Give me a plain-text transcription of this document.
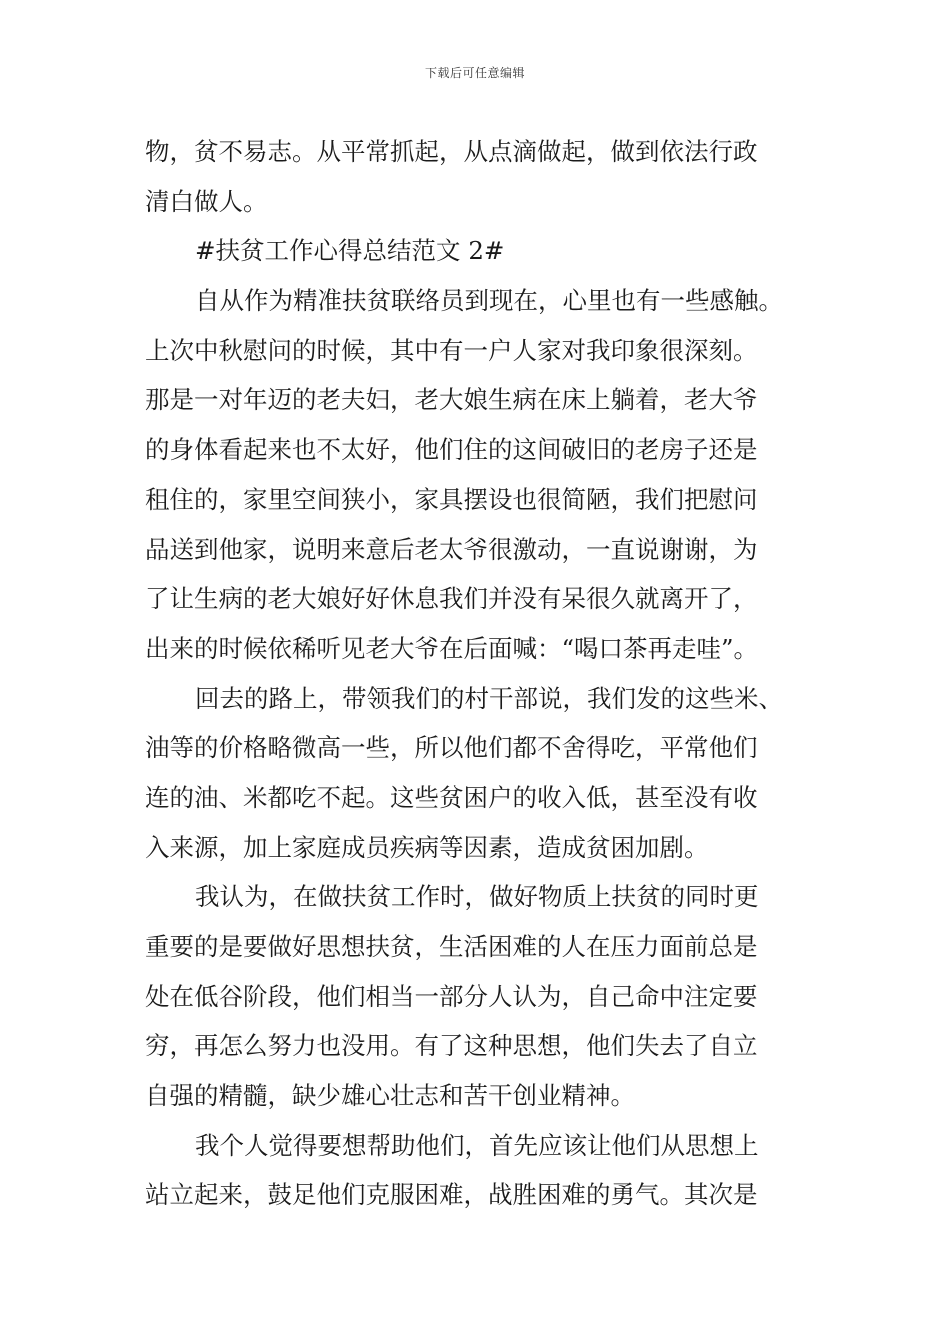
下载后可任意编辑
物，贫不易志。从平常抓起，从点滴做起，做到依法行政
清白做人。
#扶贫工作心得总结范文 2#
自从作为精准扶贫联络员到现在，心里也有一些感触。
上次中秋慰问的时候，其中有一户人家对我印象很深刻。
那是一对年迈的老夫妇，老大娘生病在床上躺着，老大爷
的身体看起来也不太好，他们住的这间破旧的老房子还是
租住的，家里空间狭小，家具摆设也很简陋，我们把慰问
品送到他家，说明来意后老太爷很激动，一直说谢谢，为
了让生病的老大娘好好休息我们并没有呆很久就离开了，
出来的时候依稀听见老大爷在后面喊：“喝口茶再走哇”。
回去的路上，带领我们的村干部说，我们发的这些米、
油等的价格略微高一些，所以他们都不舍得吃，平常他们
连的油、米都吃不起。这些贫困户的收入低，甚至没有收
入来源，加上家庭成员疾病等因素，造成贫困加剧。
我认为，在做扶贫工作时，做好物质上扶贫的同时更
重要的是要做好思想扶贫，生活困难的人在压力面前总是
处在低谷阶段，他们相当一部分人认为，自己命中注定要
穷，再怎么努力也没用。有了这种思想，他们失去了自立
自强的精髓，缺少雄心壮志和苦干创业精神。
我个人觉得要想帮助他们，首先应该让他们从思想上
站立起来，鼓足他们克服困难，战胜困难的勇气。其次是
